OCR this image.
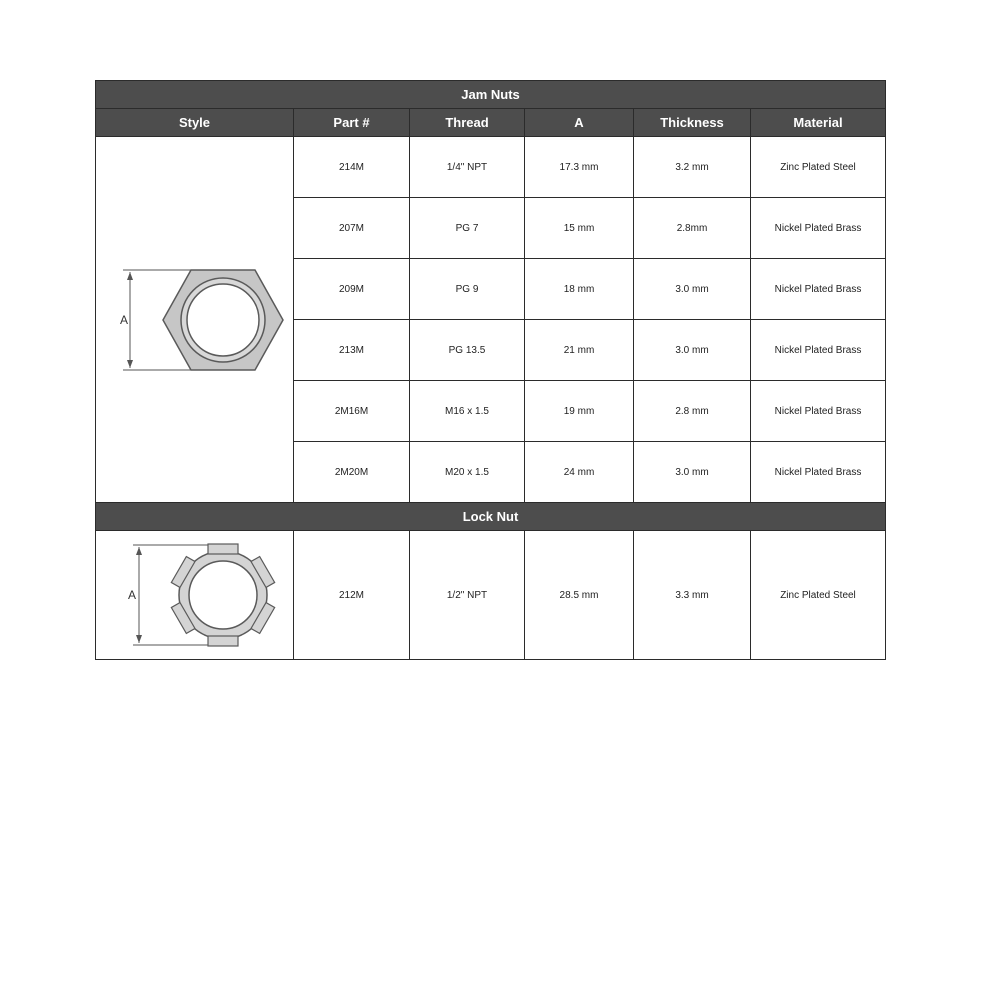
Jam Nuts					
Style	Part #	Thread	A	Thickness	Material

A	214M	1/4" NPT	17.3 mm	3.2 mm	Zinc Plated Steel
	207M	PG 7	15 mm	2.8mm	Nickel Plated Brass
	209M	PG 9	18 mm	3.0 mm	Nickel Plated Brass
	213M	PG 13.5	21 mm	3.0 mm	Nickel Plated Brass
	2M16M	M16 x 1.5	19 mm	2.8 mm	Nickel Plated Brass
	2M20M	M20 x 1.5	24 mm	3.0 mm	Nickel Plated Brass
Lock Nut					

A	212M	1/2" NPT	28.5 mm	3.3 mm	Zinc Plated Steel
